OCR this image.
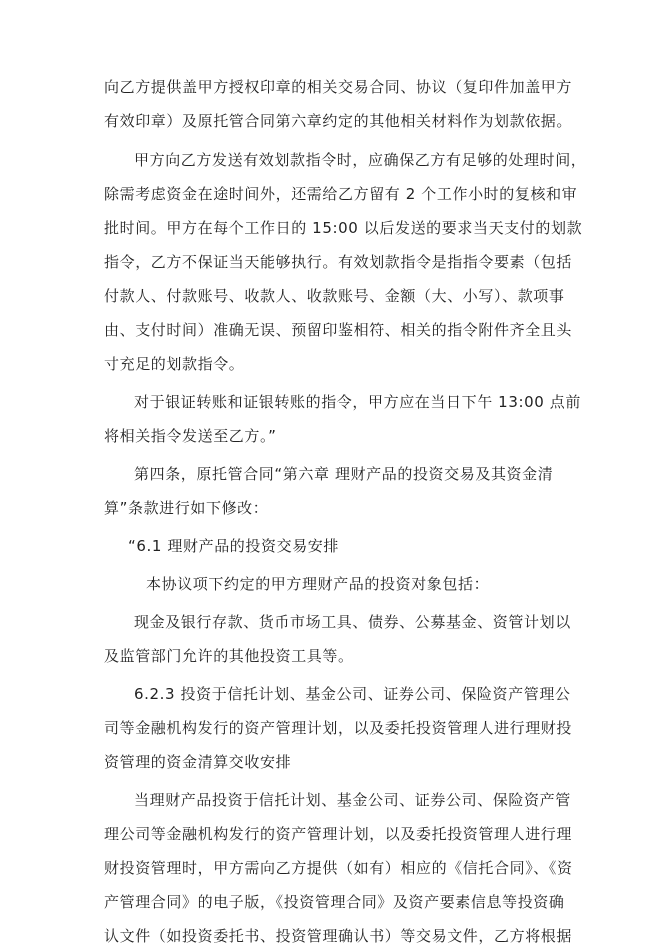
向乙方提供盖甲方授权印章的相关交易合同、协议（复印件加盖甲方
有效印章）及原托管合同第六章约定的其他相关材料作为划款依据。
甲方向乙方发送有效划款指令时，应确保乙方有足够的处理时间，
除需考虑资金在途时间外，还需给乙方留有 2 个工作小时的复核和审
批时间。甲方在每个工作日的 15:00 以后发送的要求当天支付的划款
指令，乙方不保证当天能够执行。有效划款指令是指指令要素（包括
付款人、付款账号、收款人、收款账号、金额（大、小写）、款项事
由、支付时间）准确无误、预留印鉴相符、相关的指令附件齐全且头
寸充足的划款指令。
对于银证转账和证银转账的指令，甲方应在当日下午 13:00 点前
将相关指令发送至乙方。”
第四条，原托管合同“第六章 理财产品的投资交易及其资金清
算”条款进行如下修改：
“6.1 理财产品的投资交易安排
本协议项下约定的甲方理财产品的投资对象包括：
现金及银行存款、货币市场工具、债券、公募基金、资管计划以
及监管部门允许的其他投资工具等。
6.2.3 投资于信托计划、基金公司、证券公司、保险资产管理公
司等金融机构发行的资产管理计划，以及委托投资管理人进行理财投
资管理的资金清算交收安排
当理财产品投资于信托计划、基金公司、证券公司、保险资产管
理公司等金融机构发行的资产管理计划，以及委托投资管理人进行理
财投资管理时，甲方需向乙方提供（如有）相应的《信托合同》、《资
产管理合同》的电子版，《投资管理合同》及资产要素信息等投资确
认文件（如投资委托书、投资管理确认书）等交易文件，乙方将根据
